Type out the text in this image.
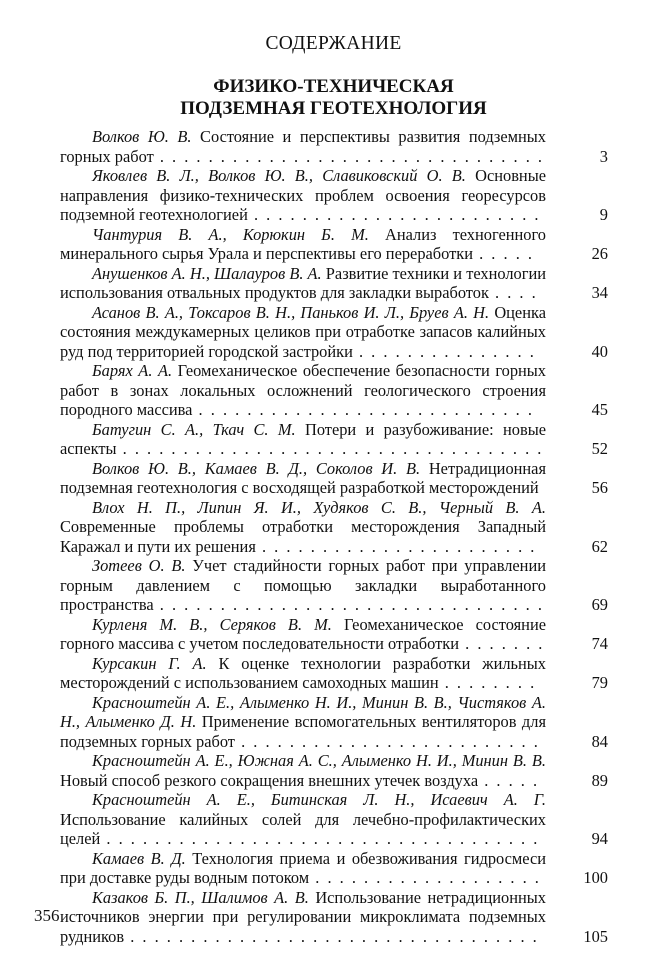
СОДЕРЖАНИЕ
ФИЗИКО-ТЕХНИЧЕСКАЯ
ПОДЗЕМНАЯ ГЕОТЕХНОЛОГИЯ
Волков Ю. В. Состояние и перспективы развития подземных горных работ . . . . . . . . . . . . . . . . . . . . . . . . . . . . . . . .	3
Яковлев В. Л., Волков Ю. В., Славиковский О. В. Основные направления физико-технических проблем освоения георесурсов подземной геотехнологией . . . . . . . . . . . . . . . . . . . . . . . .	9
Чантурия В. А., Корюкин Б. М. Анализ техногенного минерального сырья Урала и перспективы его переработки . . . . .	26
Анушенков А. Н., Шалауров В. А. Развитие техники и технологии использования отвальных продуктов для закладки выработок . . . .	34
Асанов В. А., Токсаров В. Н., Паньков И. Л., Бруев А. Н. Оценка состояния междукамерных целиков при отработке запасов калийных руд под территорией городской застройки . . . . . . . . . . . . . . .	40
Барях А. А. Геомеханическое обеспечение безопасности горных работ в зонах локальных осложнений геологического строения породного массива . . . . . . . . . . . . . . . . . . . . . . . . . . . .	45
Батугин С. А., Ткач С. М. Потери и разубоживание: новые аспекты . . . . . . . . . . . . . . . . . . . . . . . . . . . . . . . . . . .	52
Волков Ю. В., Камаев В. Д., Соколов И. В. Нетрадиционная подземная геотехнология с восходящей разработкой месторождений	56
Влох Н. П., Липин Я. И., Худяков С. В., Черный В. А. Современные проблемы отработки месторождения Западный Каражал и пути их решения . . . . . . . . . . . . . . . . . . . . . . .	62
Зотеев О. В. Учет стадийности горных работ при управлении горным давлением с помощью закладки выработанного пространства . . . . . . . . . . . . . . . . . . . . . . . . . . . . . . . .	69
Курленя М. В., Серяков В. М. Геомеханическое состояние горного массива с учетом последовательности отработки . . . . . . .	74
Курсакин Г. А. К оценке технологии разработки жильных месторождений с использованием самоходных машин . . . . . . . .	79
Красноштейн А. Е., Алыменко Н. И., Минин В. В., Чистяков А. Н., Алыменко Д. Н. Применение вспомогательных вентиляторов для подземных горных работ . . . . . . . . . . . . . . . . . . . . . . . . .	84
Красноштейн А. Е., Южная А. С., Алыменко Н. И., Минин В. В. Новый способ резкого сокращения внешних утечек воздуха . . . . .	89
Красноштейн А. Е., Битинская Л. Н., Исаевич А. Г. Использование калийных солей для лечебно-профилактических целей . . . . . . . . . . . . . . . . . . . . . . . . . . . . . . . . . . . .	94
Камаев В. Д. Технология приема и обезвоживания гидросмеси при доставке руды водным потоком . . . . . . . . . . . . . . . . . . .	100
Казаков Б. П., Шалимов А. В. Использование нетрадиционных источников энергии при регулировании микроклимата подземных рудников . . . . . . . . . . . . . . . . . . . . . . . . . . . . . . . . . .	105
356
